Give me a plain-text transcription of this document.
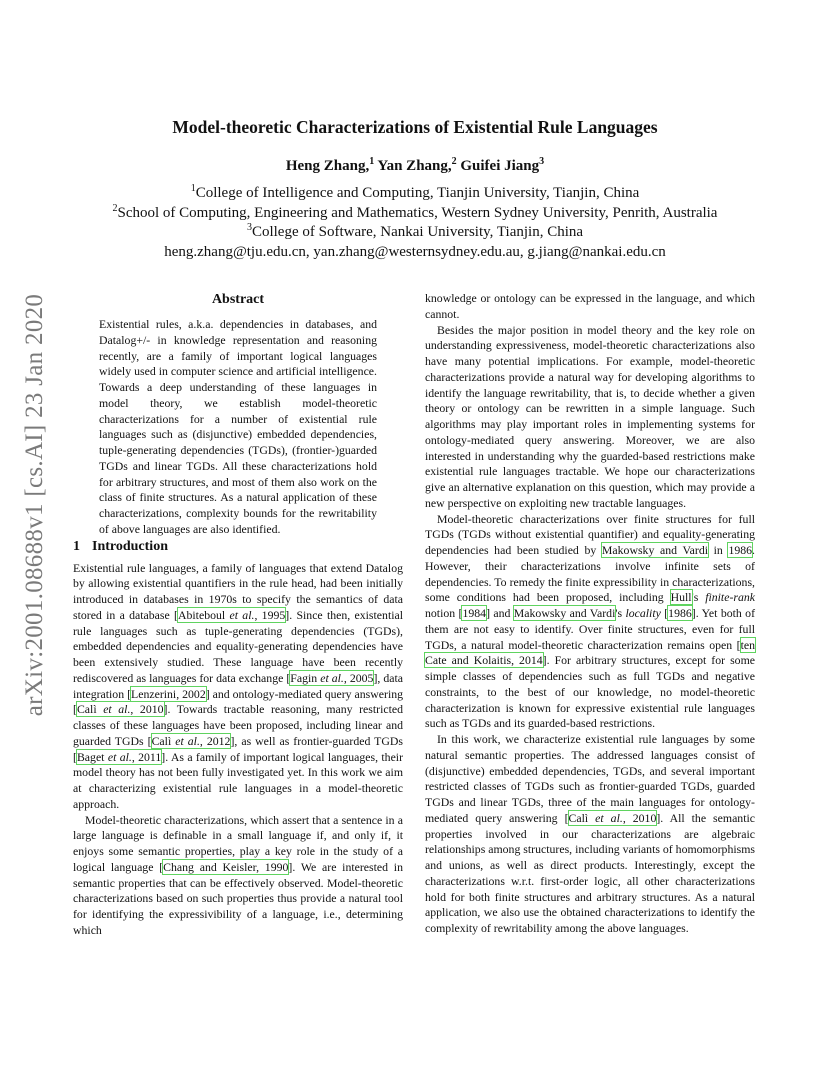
arXiv:2001.08688v1 [cs.AI] 23 Jan 2020
Model-theoretic Characterizations of Existential Rule Languages
Heng Zhang,$^1$ Yan Zhang,$^2$ Guifei Jiang$^3$
$^1$College of Intelligence and Computing, Tianjin University, Tianjin, China
$^2$School of Computing, Engineering and Mathematics, Western Sydney University, Penrith, Australia
$^3$College of Software, Nankai University, Tianjin, China
heng.zhang@tju.edu.cn, yan.zhang@westernsydney.edu.au, g.jiang@nankai.edu.cn
Abstract

Existential rules, a.k.a. dependencies in databases, and Datalog+/- in knowledge representation and reasoning recently, are a family of important logical languages widely used in computer science and artificial intelligence. Towards a deep understanding of these languages in model theory, we establish model-theoretic characterizations for a number of existential rule languages such as (disjunctive) embedded dependencies, tuple-generating dependencies (TGDs), (frontier-)guarded TGDs and linear TGDs. All these characterizations hold for arbitrary structures, and most of them also work on the class of finite structures. As a natural application of these characterizations, complexity bounds for the rewritability of above languages are also identified.

1 Introduction

Existential rule languages, a family of languages that extend Datalog by allowing existential quantifiers in the rule head, had been initially introduced in databases in 1970s to specify the semantics of data stored in a database [Abiteboul et al., 1995]. Since then, existential rule languages such as tuple-generating dependencies (TGDs), embedded dependencies and equality-generating dependencies have been extensively studied. These language have been recently rediscovered as languages for data exchange [Fagin et al., 2005], data integration [Lenzerini, 2002] and ontology-mediated query answering [Calì et al., 2010]. Towards tractable reasoning, many restricted classes of these languages have been proposed, including linear and guarded TGDs [Calì et al., 2012], as well as frontier-guarded TGDs [Baget et al., 2011]. As a family of important logical languages, their model theory has not been fully investigated yet. In this work we aim at characterizing existential rule languages in a model-theoretic approach.

Model-theoretic characterizations, which assert that a sentence in a large language is definable in a small language if, and only if, it enjoys some semantic properties, play a key role in the study of a logical language [Chang and Keisler, 1990]. We are interested in semantic properties that can be effectively observed. Model-theoretic characterizations based on such properties thus provide a natural tool for identifying the expressivibility of a language, i.e., determining which

knowledge or ontology can be expressed in the language, and which cannot.

Besides the major position in model theory and the key role on understanding expressiveness, model-theoretic characterizations also have many potential implications. For example, model-theoretic characterizations provide a natural way for developing algorithms to identify the language rewritability, that is, to decide whether a given theory or ontology can be rewritten in a simple language. Such algorithms may play important roles in implementing systems for ontology-mediated query answering. Moreover, we are also interested in understanding why the guarded-based restrictions make existential rule languages tractable. We hope our characterizations give an alternative explanation on this question, which may provide a new perspective on exploiting new tractable languages.

Model-theoretic characterizations over finite structures for full TGDs (TGDs without existential quantifier) and equality-generating dependencies had been studied by Makowsky and Vardi in 1986. However, their characterizations involve infinite sets of dependencies. To remedy the finite expressibility in characterizations, some conditions had been proposed, including Hull's finite-rank notion [1984] and Makowsky and Vardi's locality [1986]. Yet both of them are not easy to identify. Over finite structures, even for full TGDs, a natural model-theoretic characterization remains open [ten Cate and Kolaitis, 2014]. For arbitrary structures, except for some simple classes of dependencies such as full TGDs and negative constraints, to the best of our knowledge, no model-theoretic characterization is known for expressive existential rule languages such as TGDs and its guarded-based restrictions.

In this work, we characterize existential rule languages by some natural semantic properties. The addressed languages consist of (disjunctive) embedded dependencies, TGDs, and several important restricted classes of TGDs such as frontier-guarded TGDs, guarded TGDs and linear TGDs, three of the main languages for ontology-mediated query answering [Calì et al., 2010]. All the semantic properties involved in our characterizations are algebraic relationships among structures, including variants of homomorphisms and unions, as well as direct products. Interestingly, except the characterizations w.r.t. first-order logic, all other characterizations hold for both finite structures and arbitrary structures. As a natural application, we also use the obtained characterizations to identify the complexity of rewritability among the above languages.
